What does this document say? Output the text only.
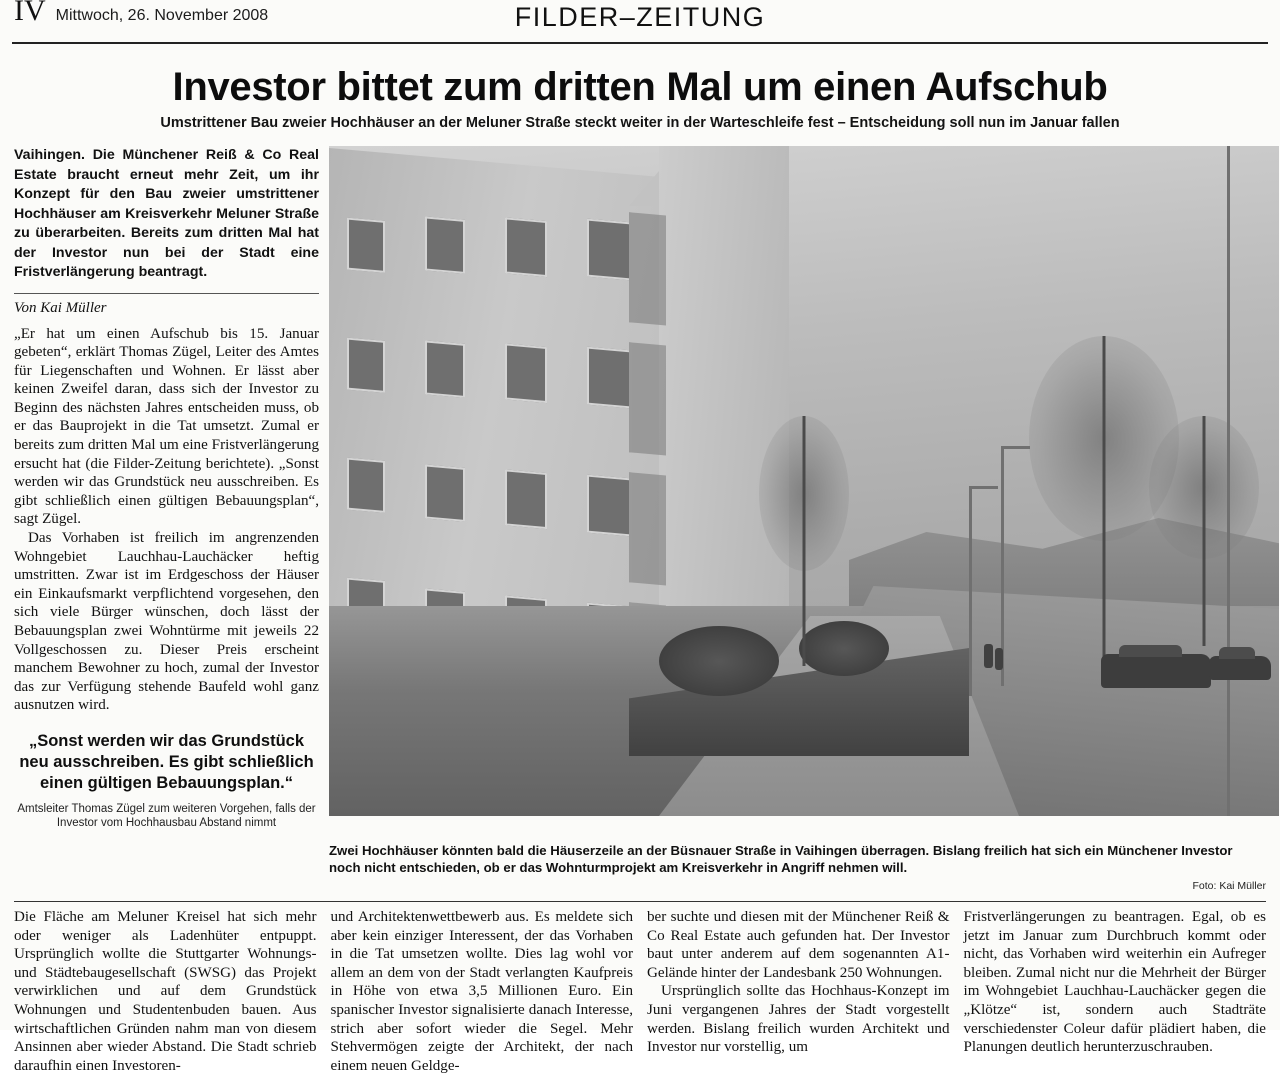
IV Mittwoch, 26. November 2008	FILDER–ZEITUNG
Investor bittet zum dritten Mal um einen Aufschub
Umstrittener Bau zweier Hochhäuser an der Meluner Straße steckt weiter in der Warteschleife fest – Entscheidung soll nun im Januar fallen
Vaihingen. Die Münchener Reiß & Co Real Estate braucht erneut mehr Zeit, um ihr Konzept für den Bau zweier umstrittener Hochhäuser am Kreisverkehr Meluner Straße zu überarbeiten. Bereits zum dritten Mal hat der Investor nun bei der Stadt eine Fristverlängerung beantragt.
Von Kai Müller

„Er hat um einen Aufschub bis 15. Januar gebeten“, erklärt Thomas Zügel, Leiter des Amtes für Liegenschaften und Wohnen. Er lässt aber keinen Zweifel daran, dass sich der Investor zu Beginn des nächsten Jahres entscheiden muss, ob er das Bauprojekt in die Tat umsetzt. Zumal er bereits zum dritten Mal um eine Fristverlängerung ersucht hat (die Filder-Zeitung berichtete). „Sonst werden wir das Grundstück neu ausschreiben. Es gibt schließlich einen gültigen Bebauungsplan“, sagt Zügel.

Das Vorhaben ist freilich im angrenzenden Wohngebiet Lauchhau-Lauchäcker heftig umstritten. Zwar ist im Erdgeschoss der Häuser ein Einkaufsmarkt verpflichtend vorgesehen, den sich viele Bürger wünschen, doch lässt der Bebauungsplan zwei Wohntürme mit jeweils 22 Vollgeschossen zu. Dieser Preis erscheint manchem Bewohner zu hoch, zumal der Investor das zur Verfügung stehende Baufeld wohl ganz ausnutzen wird.

„Sonst werden wir das Grundstück neu ausschreiben. Es gibt schließlich einen gültigen Bebauungsplan.“
Amtsleiter Thomas Zügel zum weiteren Vorgehen, falls der Investor vom Hochhausbau Abstand nimmt
Zwei Hochhäuser könnten bald die Häuserzeile an der Büsnauer Straße in Vaihingen überragen. Bislang freilich hat sich ein Münchener Investor noch nicht entschieden, ob er das Wohnturmprojekt am Kreisverkehr in Angriff nehmen will.
Foto: Kai Müller

Die Fläche am Meluner Kreisel hat sich mehr oder weniger als Ladenhüter entpuppt. Ursprünglich wollte die Stuttgarter Wohnungs- und Städtebaugesellschaft (SWSG) das Projekt verwirklichen und auf dem Grundstück Wohnungen und Studentenbuden bauen. Aus wirtschaftlichen Gründen nahm man von diesem Ansinnen aber wieder Abstand. Die Stadt schrieb daraufhin einen Investoren-

und Architektenwettbewerb aus. Es meldete sich aber kein einziger Interessent, der das Vorhaben in die Tat umsetzen wollte. Dies lag wohl vor allem an dem von der Stadt verlangten Kaufpreis in Höhe von etwa 3,5 Millionen Euro. Ein spanischer Investor signalisierte danach Interesse, strich aber sofort wieder die Segel. Mehr Stehvermögen zeigte der Architekt, der nach einem neuen Geldge-

ber suchte und diesen mit der Münchener Reiß & Co Real Estate auch gefunden hat. Der Investor baut unter anderem auf dem sogenannten A1-Gelände hinter der Landesbank 250 Wohnungen.

Ursprünglich sollte das Hochhaus-Konzept im Juni vergangenen Jahres der Stadt vorgestellt werden. Bislang freilich wurden Architekt und Investor nur vorstellig, um

Fristverlängerungen zu beantragen. Egal, ob es jetzt im Januar zum Durchbruch kommt oder nicht, das Vorhaben wird weiterhin ein Aufreger bleiben. Zumal nicht nur die Mehrheit der Bürger im Wohngebiet Lauchhau-Lauchäcker gegen die „Klötze“ ist, sondern auch Stadträte verschiedenster Coleur dafür plädiert haben, die Planungen deutlich herunterzuschrauben.
